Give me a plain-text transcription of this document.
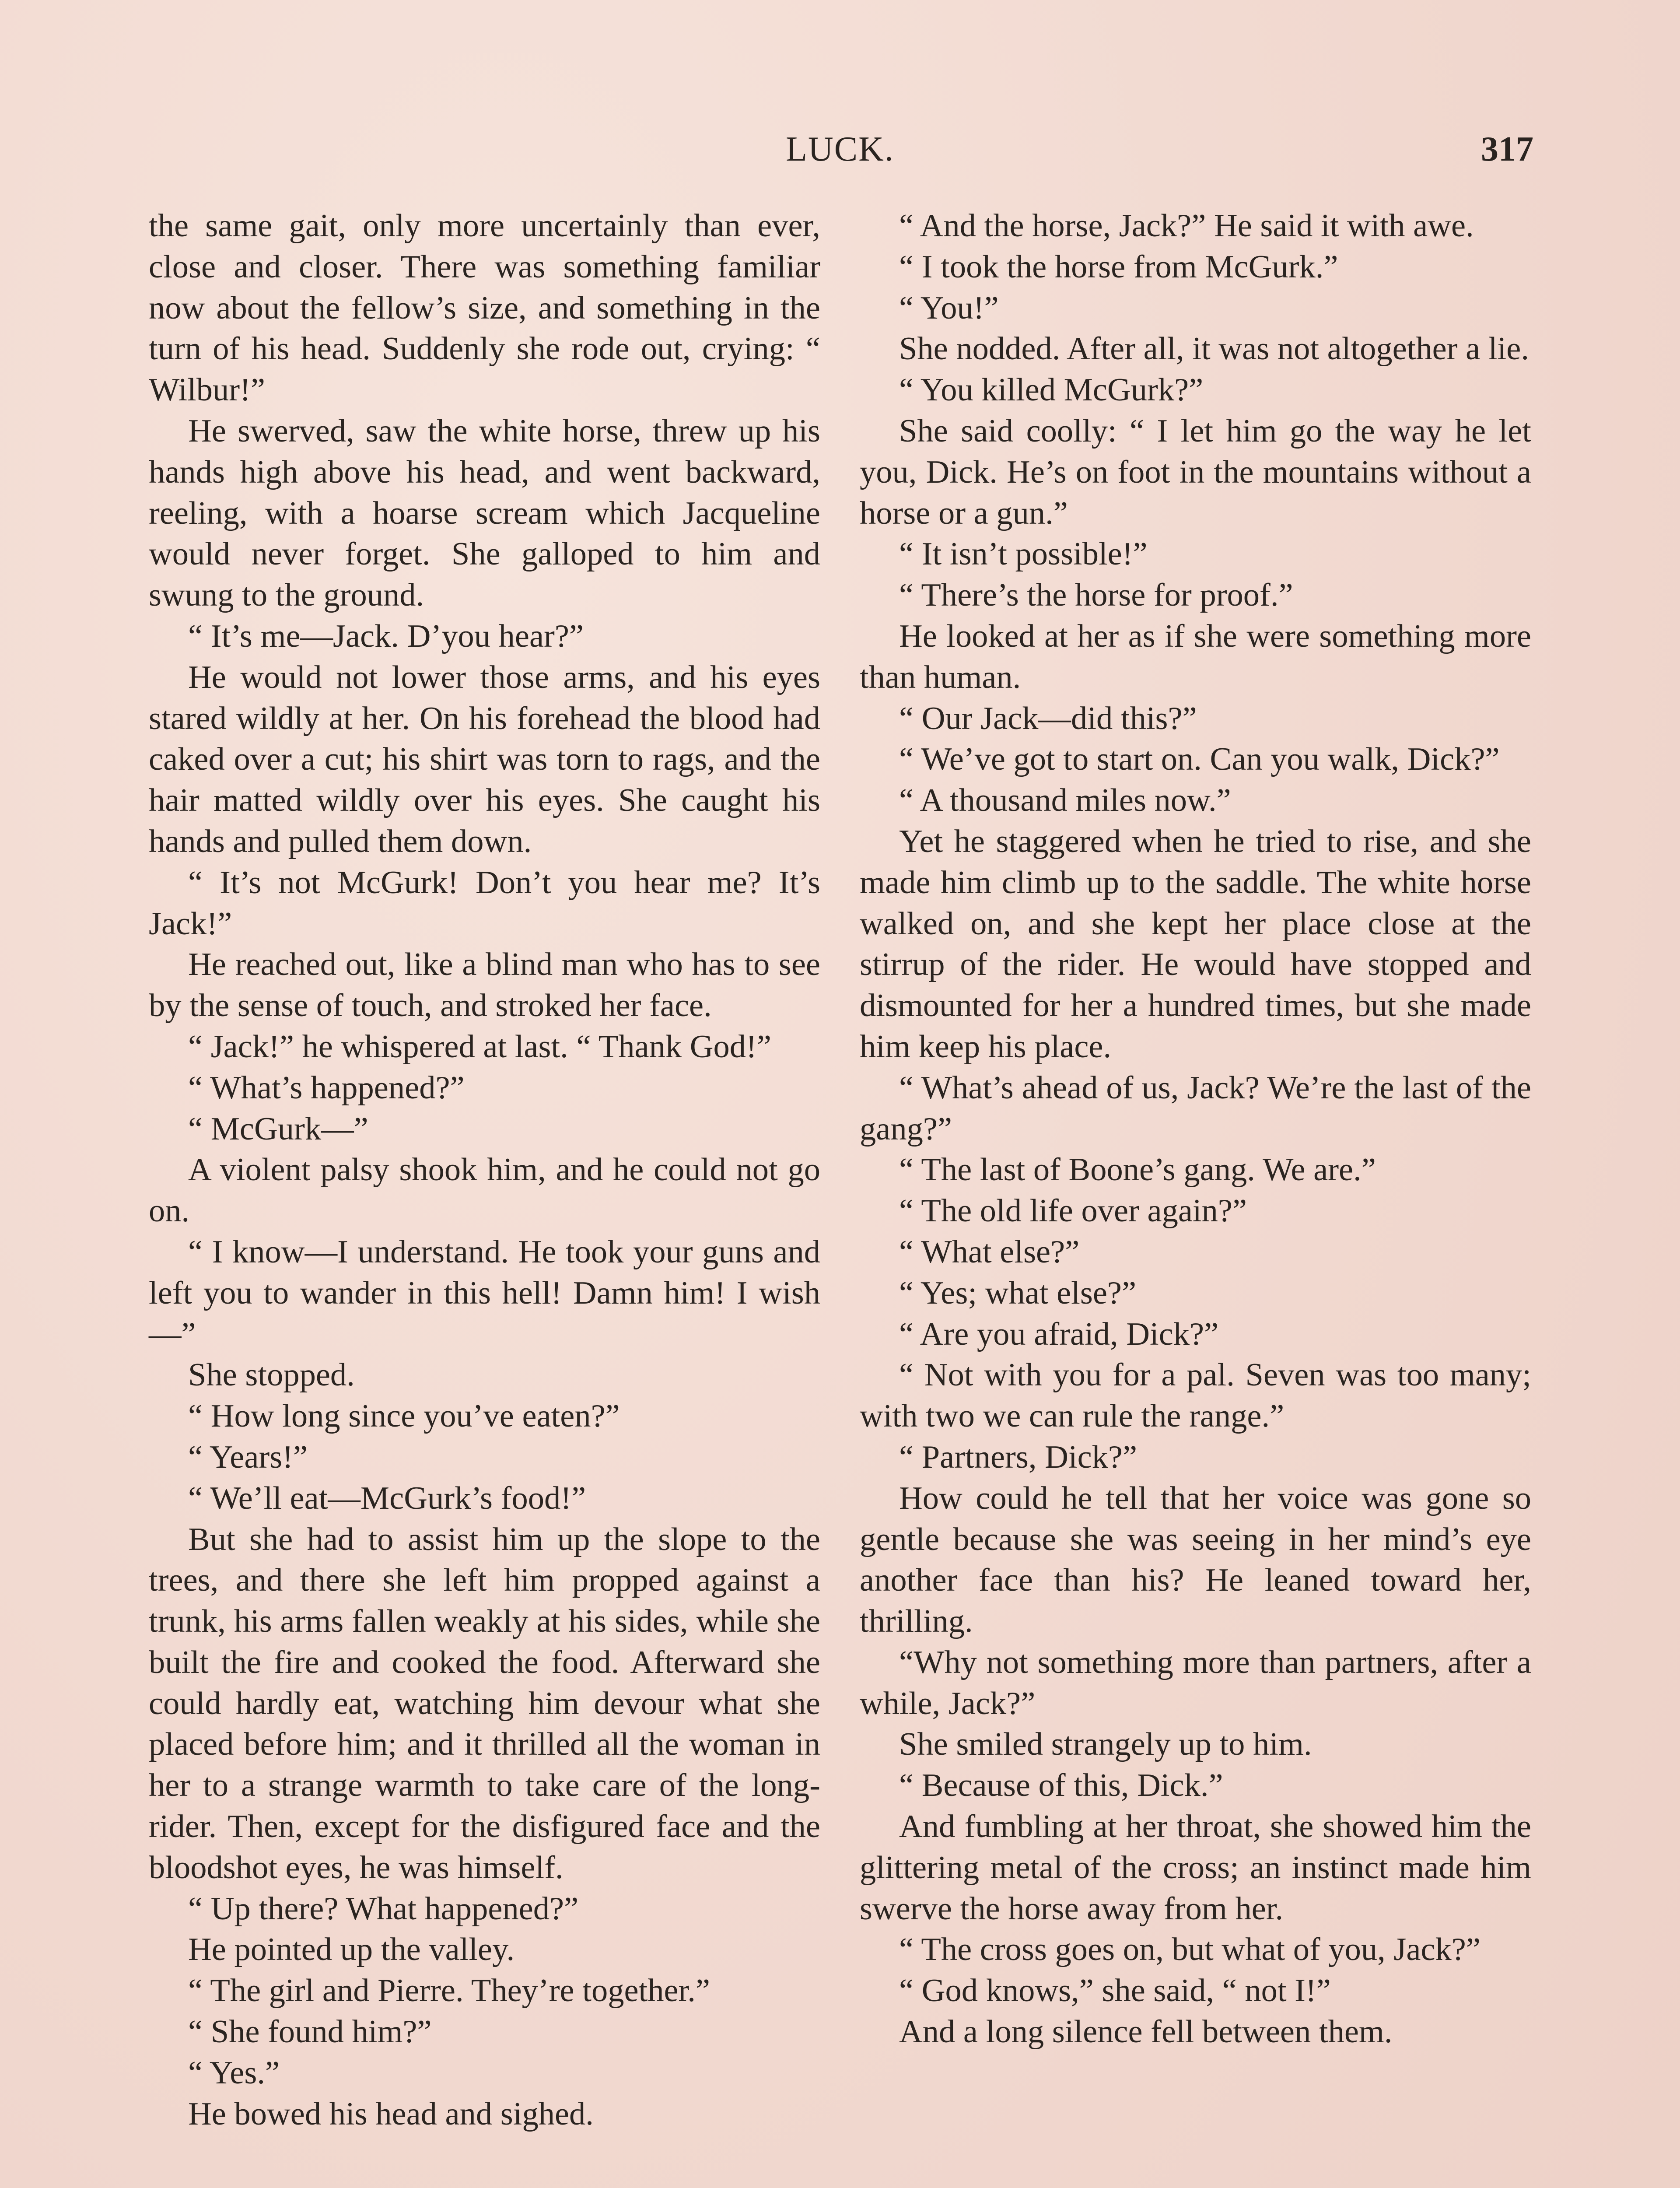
LUCK.	317

the same gait, only more uncertainly than ever, close and closer. There was something familiar now about the fellow’s size, and something in the turn of his head. Suddenly she rode out, crying: “ Wilbur!”

He swerved, saw the white horse, threw up his hands high above his head, and went backward, reeling, with a hoarse scream which Jacqueline would never forget. She galloped to him and swung to the ground.

“ It’s me—Jack. D’you hear?”

He would not lower those arms, and his eyes stared wildly at her. On his forehead the blood had caked over a cut; his shirt was torn to rags, and the hair matted wildly over his eyes. She caught his hands and pulled them down.

“ It’s not McGurk! Don’t you hear me? It’s Jack!”

He reached out, like a blind man who has to see by the sense of touch, and stroked her face.

“ Jack!” he whispered at last. “ Thank God!”

“ What’s happened?”

“ McGurk—”

A violent palsy shook him, and he could not go on.

“ I know—I understand. He took your guns and left you to wander in this hell! Damn him! I wish—”

She stopped.

“ How long since you’ve eaten?”

“ Years!”

“ We’ll eat—McGurk’s food!”

But she had to assist him up the slope to the trees, and there she left him propped against a trunk, his arms fallen weakly at his sides, while she built the fire and cooked the food. Afterward she could hardly eat, watching him devour what she placed before him; and it thrilled all the woman in her to a strange warmth to take care of the long-rider. Then, except for the disfigured face and the bloodshot eyes, he was himself.

“ Up there? What happened?”

He pointed up the valley.

“ The girl and Pierre. They’re together.”

“ She found him?”

“ Yes.”

He bowed his head and sighed.

“ And the horse, Jack?” He said it with awe.

“ I took the horse from McGurk.”

“ You!”

She nodded. After all, it was not altogether a lie.

“ You killed McGurk?”

She said coolly: “ I let him go the way he let you, Dick. He’s on foot in the mountains without a horse or a gun.”

“ It isn’t possible!”

“ There’s the horse for proof.”

He looked at her as if she were something more than human.

“ Our Jack—did this?”

“ We’ve got to start on. Can you walk, Dick?”

“ A thousand miles now.”

Yet he staggered when he tried to rise, and she made him climb up to the saddle. The white horse walked on, and she kept her place close at the stirrup of the rider. He would have stopped and dismounted for her a hundred times, but she made him keep his place.

“ What’s ahead of us, Jack? We’re the last of the gang?”

“ The last of Boone’s gang. We are.”

“ The old life over again?”

“ What else?”

“ Yes; what else?”

“ Are you afraid, Dick?”

“ Not with you for a pal. Seven was too many; with two we can rule the range.”

“ Partners, Dick?”

How could he tell that her voice was gone so gentle because she was seeing in her mind’s eye another face than his? He leaned toward her, thrilling.

“Why not something more than partners, after a while, Jack?”

She smiled strangely up to him.

“ Because of this, Dick.”

And fumbling at her throat, she showed him the glittering metal of the cross; an instinct made him swerve the horse away from her.

“ The cross goes on, but what of you, Jack?”

“ God knows,” she said, “ not I!”

And a long silence fell between them.
